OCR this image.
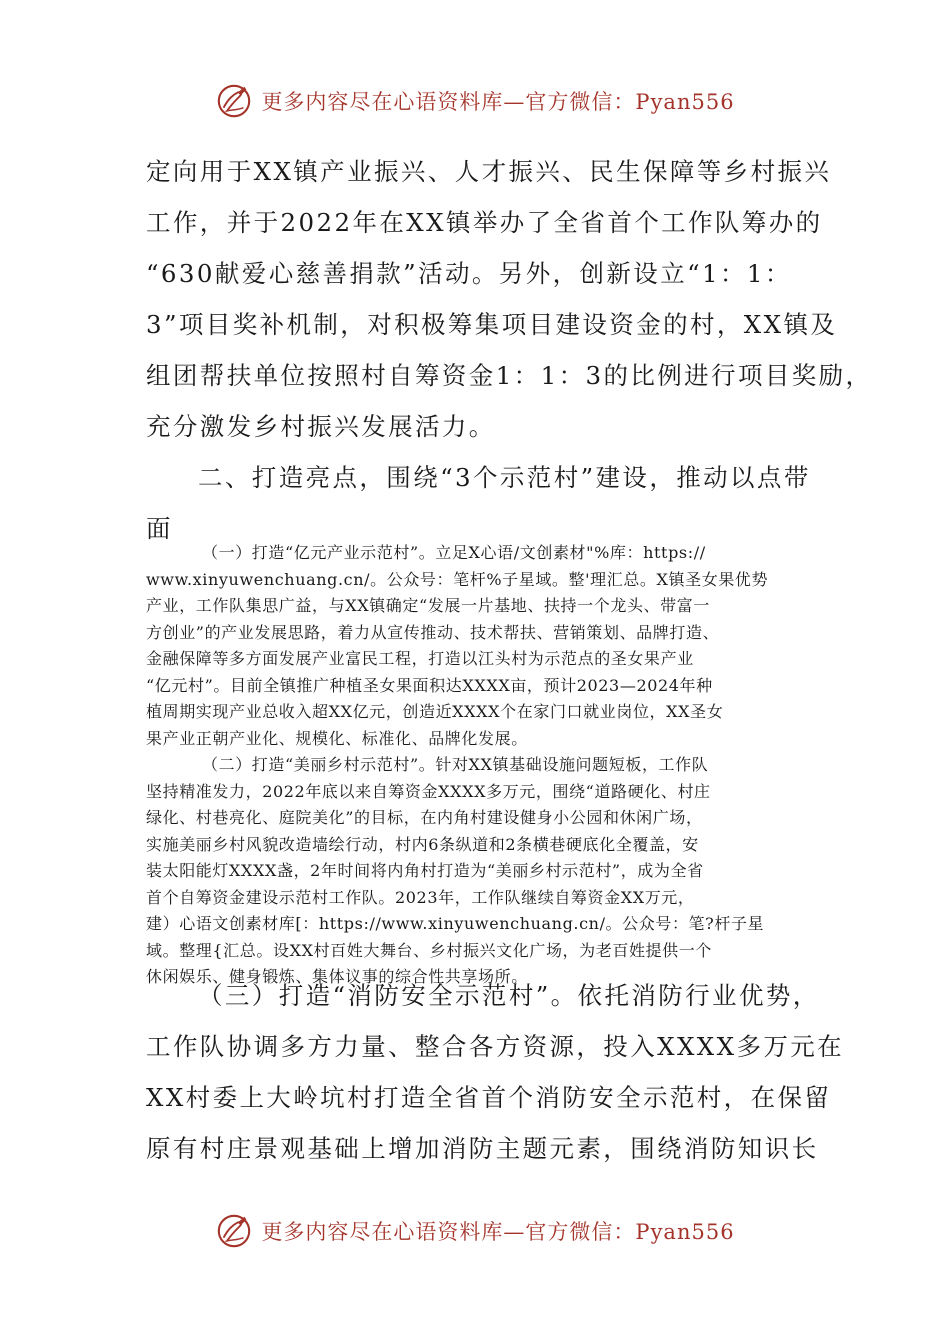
更多内容尽在心语资料库—官方微信：Pyan556
定向用于XX镇产业振兴、人才振兴、民生保障等乡村振兴
工作，并于2022年在XX镇举办了全省首个工作队筹办的
“630献爱心慈善捐款”活动。另外，创新设立“1：1：
3”项目奖补机制，对积极筹集项目建设资金的村，XX镇及
组团帮扶单位按照村自筹资金1：1：3的比例进行项目奖励，
充分激发乡村振兴发展活力。
二、打造亮点，围绕“3个示范村”建设，推动以点带
面
（一）打造“亿元产业示范村”。立足X心语/文创素材"%库：https://
www.xinyuwenchuang.cn/。公众号：笔杆%子星域。整'理汇总。X镇圣女果优势
产业，工作队集思广益，与XX镇确定“发展一片基地、扶持一个龙头、带富一
方创业”的产业发展思路，着力从宣传推动、技术帮扶、营销策划、品牌打造、
金融保障等多方面发展产业富民工程，打造以江头村为示范点的圣女果产业
“亿元村”。目前全镇推广种植圣女果面积达XXXX亩，预计2023—2024年种
植周期实现产业总收入超XX亿元，创造近XXXX个在家门口就业岗位，XX圣女
果产业正朝产业化、规模化、标准化、品牌化发展。
（二）打造“美丽乡村示范村”。针对XX镇基础设施问题短板，工作队
坚持精准发力，2022年底以来自筹资金XXXX多万元，围绕“道路硬化、村庄
绿化、村巷亮化、庭院美化”的目标，在内角村建设健身小公园和休闲广场，
实施美丽乡村风貌改造墙绘行动，村内6条纵道和2条横巷硬底化全覆盖，安
装太阳能灯XXXX盏，2年时间将内角村打造为“美丽乡村示范村”，成为全省
首个自筹资金建设示范村工作队。2023年，工作队继续自筹资金XX万元，
建）心语文创素材库[：https://www.xinyuwenchuang.cn/。公众号：笔?杆子星
域。整理{汇总。设XX村百姓大舞台、乡村振兴文化广场，为老百姓提供一个
休闲娱乐、健身锻炼、集体议事的综合性共享场所。
（三）打造“消防安全示范村”。依托消防行业优势，
工作队协调多方力量、整合各方资源，投入XXXX多万元在
XX村委上大岭坑村打造全省首个消防安全示范村，在保留
原有村庄景观基础上增加消防主题元素，围绕消防知识长
更多内容尽在心语资料库—官方微信：Pyan556
